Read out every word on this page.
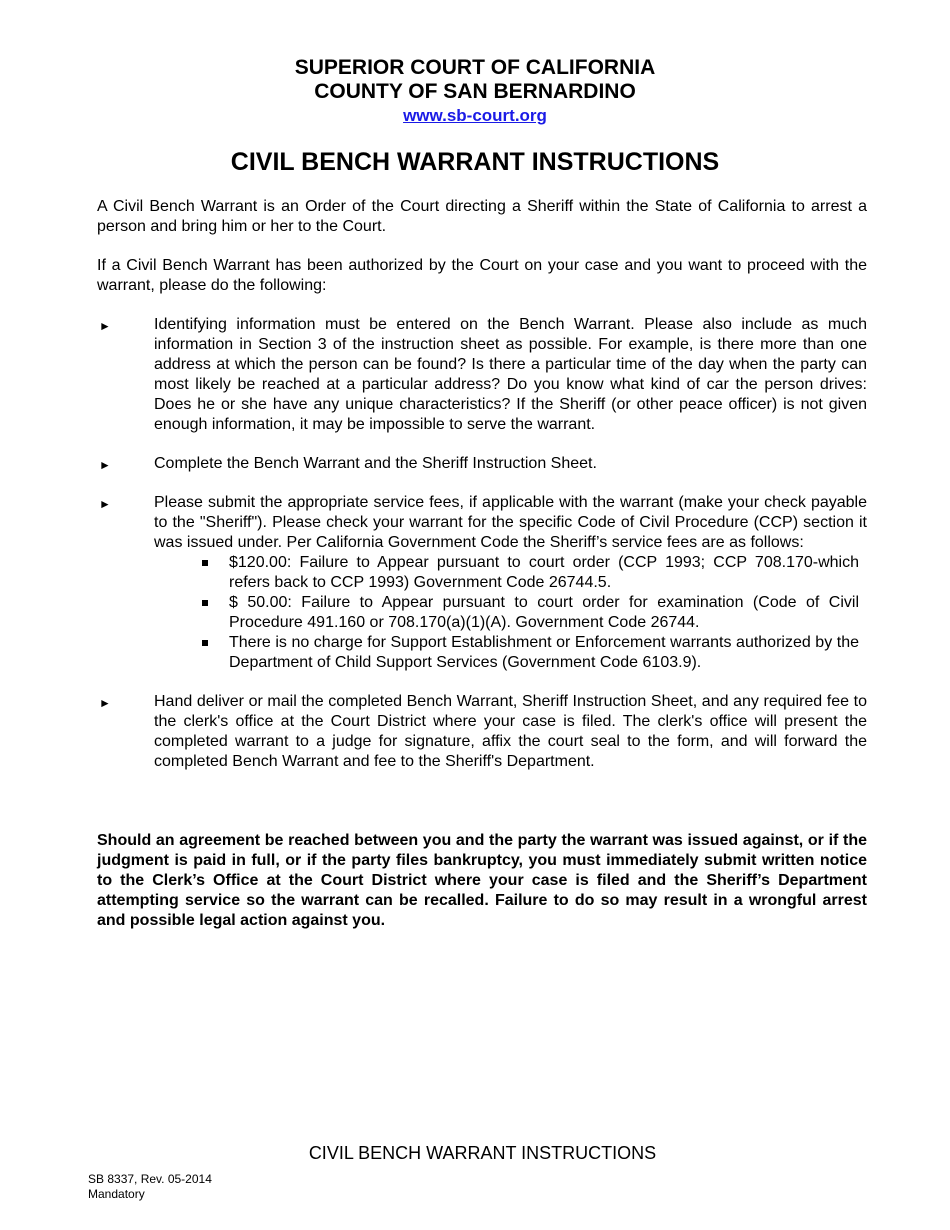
SUPERIOR COURT OF CALIFORNIA

COUNTY OF SAN BERNARDINO

www.sb-court.org
CIVIL BENCH WARRANT INSTRUCTIONS

A Civil Bench Warrant is an Order of the Court directing a Sheriff within the State of California to arrest a person and bring him or her to the Court.

If a Civil Bench Warrant has been authorized by the Court on your case and you want to proceed with the warrant, please do the following:

►	Identifying information must be entered on the Bench Warrant. Please also include as much information in Section 3 of the instruction sheet as possible. For example, is there more than one address at which the person can be found? Is there a particular time of the day when the party can most likely be reached at a particular address? Do you know what kind of car the person drives: Does he or she have any unique characteristics? If the Sheriff (or other peace officer) is not given enough information, it may be impossible to serve the warrant.
►	Complete the Bench Warrant and the Sheriff Instruction Sheet.
►	Please submit the appropriate service fees, if applicable with the warrant (make your check payable to the "Sheriff"). Please check your warrant for the specific Code of Civil Procedure (CCP) section it was issued under. Per California Government Code the Sheriff’s service fees are as follows:
$120.00: Failure to Appear pursuant to court order (CCP 1993; CCP 708.170-which refers back to CCP 1993) Government Code 26744.5.
$ 50.00: Failure to Appear pursuant to court order for examination (Code of Civil Procedure 491.160 or 708.170(a)(1)(A). Government Code 26744.
There is no charge for Support Establishment or Enforcement warrants authorized by the Department of Child Support Services (Government Code 6103.9).
►	Hand deliver or mail the completed Bench Warrant, Sheriff Instruction Sheet, and any required fee to the clerk's office at the Court District where your case is filed. The clerk's office will present the completed warrant to a judge for signature, affix the court seal to the form, and will forward the completed Bench Warrant and fee to the Sheriff's Department.

Should an agreement be reached between you and the party the warrant was issued against, or if the judgment is paid in full, or if the party files bankruptcy, you must immediately submit written notice to the Clerk’s Office at the Court District where your case is filed and the Sheriff’s Department attempting service so the warrant can be recalled. Failure to do so may result in a wrongful arrest and possible legal action against you.

CIVIL BENCH WARRANT INSTRUCTIONS
SB 8337, Rev. 05-2014
Mandatory
